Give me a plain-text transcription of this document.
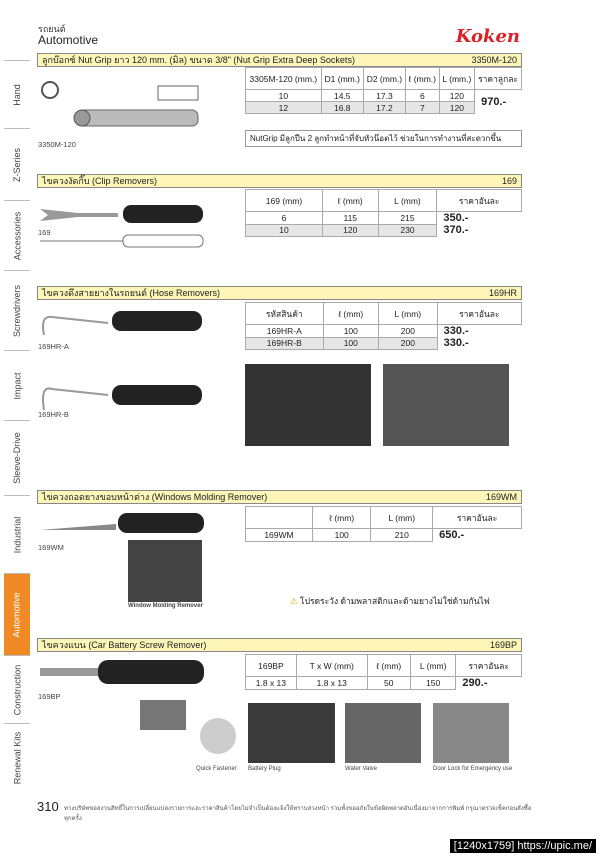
Hand
Z-Series
Accessories
Screwdrivers
Impact
Sleeve-Drive
Industrial
Automotive
Construction
Renewal Kits
รถยนต์
Automotive	Koken
ลูกบ๊อกซ์ Nut Grip ยาว 120 mm. (มิล) ขนาด 3/8" (Nut Grip Extra Deep Sockets)	3350M-120
3350M-120
3305M-120 (mm.)	D1 (mm.)	D2 (mm.)	ℓ (mm.)	L (mm.)	ราคาลูกละ
10	14.5	17.3	6	120	970.-
12	16.8	17.2	7	120	
NutGrip มีลูกปืน 2 ลูกทำหน้าที่จับหัวน๊อตไว้ ช่วยในการทำงานที่สะดวกขึ้น
ไขควงงัดกิ๊บ (Clip Removers)	169
169
169 (mm)	ℓ (mm)	L (mm)	ราคาอันละ
6	115	215	350.-
10	120	230	370.-
ไขควงดึงสายยางในรถยนต์ (Hose Removers)	169HR
169HR-A
169HR-B
รหัสสินค้า	ℓ (mm)	L (mm)	ราคาอันละ
169HR-A	100	200	330.-
169HR-B	100	200	330.-
ไขควงถอดยางขอบหน้าต่าง (Windows Molding Remover)	169WM
169WM
	ℓ (mm)	L (mm)	ราคาอันละ
169WM	100	210	650.-
Window Molding Remover	⚠ โปรดระวัง ด้ามพลาสติกและด้ามยางไม่ใช่ด้ามกันไฟ
ไขควงแบน (Car Battery Screw Remover)	169BP
169BP
169BP	T x W (mm)	ℓ (mm)	L (mm)	ราคาอันละ
1.8 x 13	1.8 x 13	50	150	290.-
Quick Fastener Battery Plug	Water Valve	Door Lock for Emergency use
310 ทางบริษัทขอสงวนสิทธิ์ในการเปลี่ยนแปลงรายการและราคาสินค้าโดยไม่จำเป็นต้องแจ้งให้ทราบล่วงหน้า รวมทั้งขออภัยในข้อผิดพลาดอันเนื่องมาจากการพิมพ์ กรุณาตรวจเช็คก่อนสั่งซื้อทุกครั้ง
[1240x1759] https://upic.me/
